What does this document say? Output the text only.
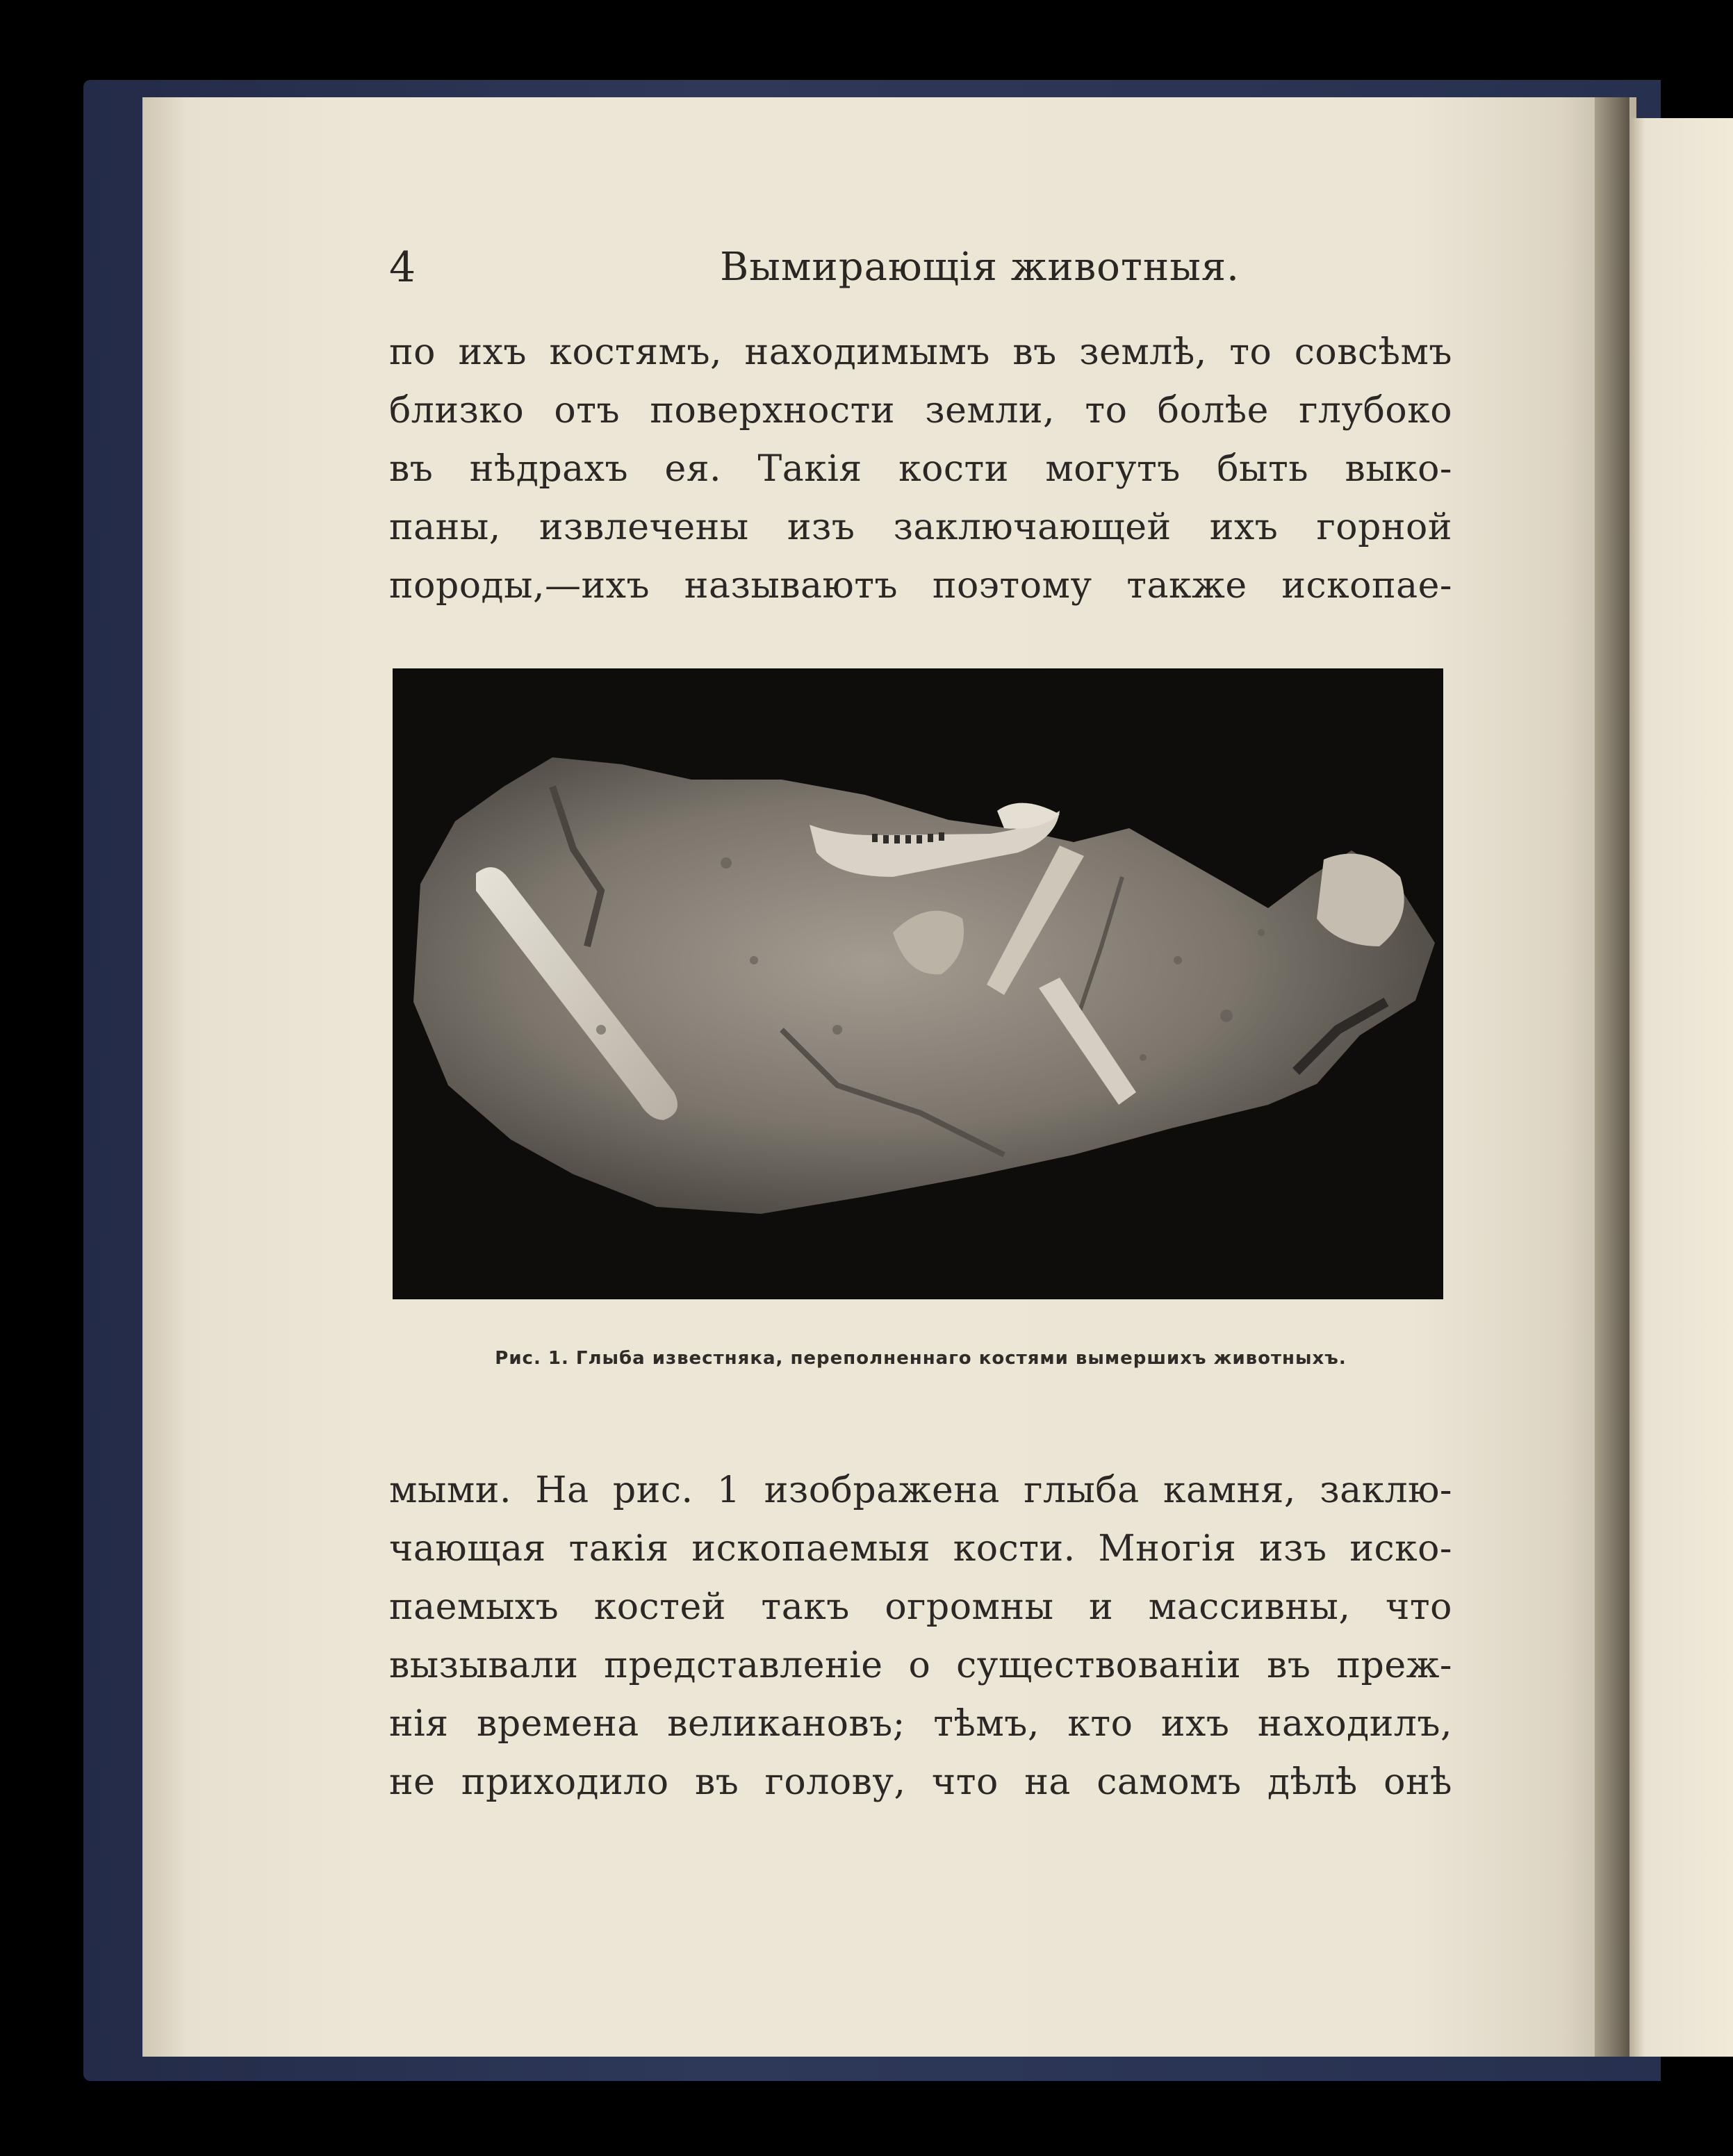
4	Вымирающія животныя.
по ихъ костямъ, находимымъ въ землѣ, то совсѣмъ
близко отъ поверхности земли, то болѣе глубоко
въ нѣдрахъ ея. Такія кости могутъ быть выко-
паны, извлечены изъ заключающей ихъ горной
породы,—ихъ называютъ поэтому также ископае-
Рис. 1. Глыба известняка, переполненнаго костями вымершихъ животныхъ.
мыми. На рис. 1 изображена глыба камня, заклю-
чающая такія ископаемыя кости. Многія изъ иско-
паемыхъ костей такъ огромны и массивны, что
вызывали представленіе о существованіи въ преж-
нія времена великановъ; тѣмъ, кто ихъ находилъ,
не приходило въ голову, что на самомъ дѣлѣ онѣ
